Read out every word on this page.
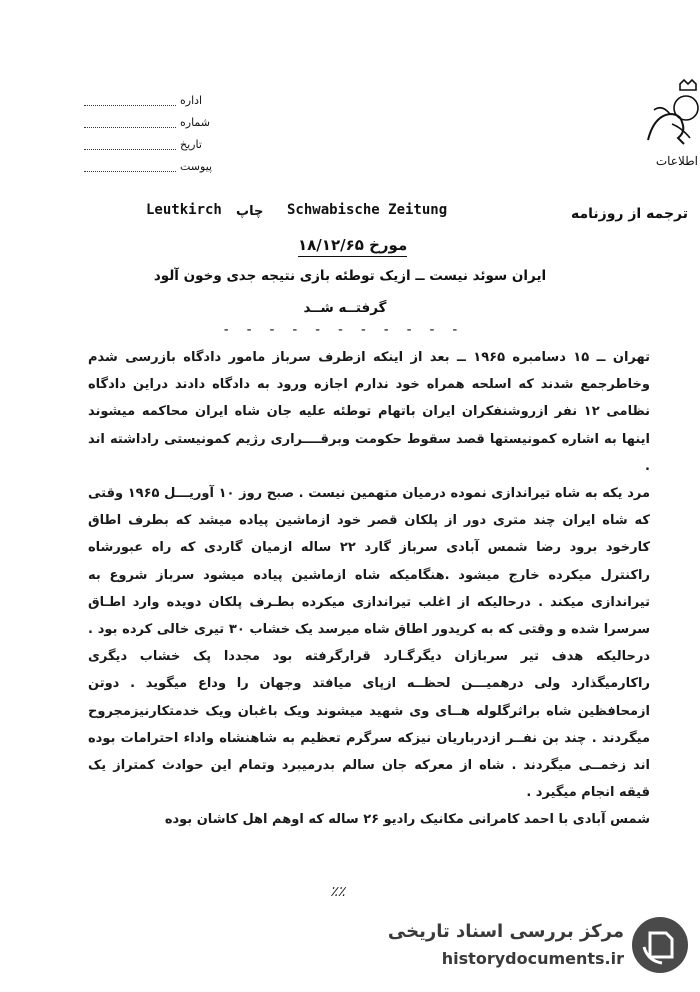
اطلاعات
اداره
شماره
تاریخ
پیوست
ترجمه از روزنامه
Schwabische Zeitung
چاپ
Leutkirch
مورخ ۱۸/۱۲/۶۵
ایران سوئد نیست ــ ازیک توطئه بازی نتیجه جدی وخون آلود
گرفتــه شــد
- - - - - - - - - - -

تهران ــ ۱۵ دسامبره ۱۹۶۵ ــ بعد از اینکه ازطرف سرباز مامور دادگاه بازرسی شدم وخاطرجمع شدند که اسلحه همراه خود ندارم اجازه ورود به دادگاه دادند دراین دادگاه نظامی ۱۲ نفر ازروشنفکران ایران باتهام توطئه علیه جان شاه ایران محاکمه میشوند اینها به اشاره کمونیستها قصد سقوط حکومت وبرقــــراری رژیم کمونیستی راداشته اند .

مرد یکه به شاه تیراندازی نموده درمیان متهمین نیست . صبح روز ۱۰ آوریـــل ۱۹۶۵ وقتی که شاه ایران چند متری دور از پلکان قصر خود ازماشین پیاده میشد که بطرف اطاق کارخود برود رضا شمس آبادی سرباز گارد ۲۲ ساله ازمیان گاردی که راه عبورشاه راکنترل میکرده خارج میشود .هنگامیکه شاه ازماشین پیاده میشود سرباز شروع به تیراندازی میکند . درحالیکه از اغلب تیراندازی میکرده بطـرف پلکان دویده وارد اطـاق سرسرا شده و وقتی که به کریدور اطاق شاه میرسد یک خشاب ۳۰ تیری خالی کرده بود . درحالیکه هدف تیر سربازان دیگرگـارد قرارگرفته بود مجددا پک خشاب دیگری راکارمیگذارد ولی درهمیـــن لحظــه ازپای میافتد وجهان را وداع میگوید . دوتن ازمحافظین شاه براثرگلوله هــای وی شهید میشوند ویک باغبان ویک خدمتکارنیزمجروح میگردند . چند بن نفــر ازدرباریان نیزکه سرگرم تعظیم به شاهنشاه واداء احترامات بوده اند زخمــی میگردند . شاه از معرکه جان سالم بدرمیبرد وتمام این حوادث کمتراز یک قیقه انجام میگیرد .

شمس آبادی با احمد کامرانی مکانیک رادیو ۲۶ ساله که اوهم اهل کاشان بوده

٪٪
مرکز بررسی اسناد تاریخی
historydocuments.ir
